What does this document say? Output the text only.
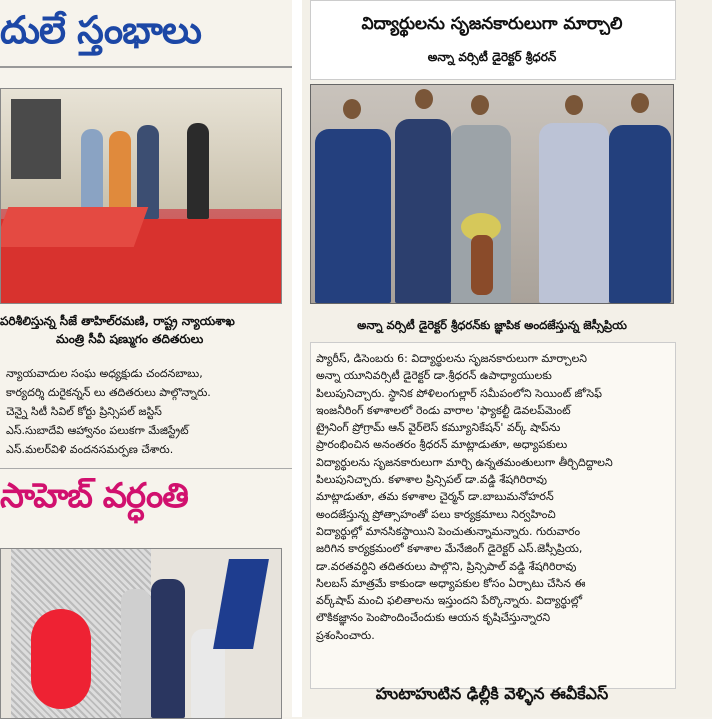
దులే స్తంభాలు
పరిశీలిస్తున్న సీజే తాహిల్‌రమణి, రాష్ట్ర న్యాయశాఖ
మంత్రి సీవీ షణ్ముగం తదితరులు

న్యాయవాదుల సంఘ అధ్యక్షుడు చందనబాబు,

కార్యదర్శి దురైకన్నన్ లు తదితరులు పాల్గొన్నారు.

చెన్నై సిటీ సివిల్ కోర్టు ప్రిన్సిపల్ జస్టిస్

ఎస్.సుబాదేవి ఆహ్వానం పలుకగా మేజిస్ట్రేట్

ఎస్.మలర్‌విళి వందనసమర్పణ చేశారు.

సాహెబ్ వర్ధంతి
విద్యార్థులను సృజనకారులుగా మార్చాలి
అన్నా వర్సిటీ డైరెక్టర్ శ్రీధరన్
అన్నా వర్సిటీ డైరెక్టర్ శ్రీధరన్‌కు జ్ఞాపిక అందజేస్తున్న జెస్సీప్రియ

ప్యారీస్, డిసెంబరు 6: విద్యార్థులను సృజనకారులుగా మార్చాలని

అన్నా యూనివర్సిటీ డైరెక్టర్ డా.శ్రీధరన్ ఉపాధ్యాయులకు

పిలుపునిచ్చారు. స్థానిక పోళిలంగుల్లార్ సమీపంలోని సెయింట్ జోసెఫ్

ఇంజనీరింగ్ కళాశాలలో రెండు వారాల 'ఫ్యాకల్టీ డెవలప్‌మెంట్

ట్రైనింగ్ ప్రోగ్రామ్ ఆన్ వైర్‌లెస్ కమ్యూనికేషన్' వర్క్ షాప్‌ను

ప్రారంభించిన అనంతరం శ్రీధరన్ మాట్లాడుతూ, అధ్యాపకులు

విద్యార్థులను సృజనకారులుగా మార్చి ఉన్నతమంతులుగా తీర్చిదిద్దాలని

పిలుపునిచ్చారు. కళాశాల ప్రిన్సిపల్ డా.వడ్డి శేషగిరిరావు

మాట్లాడుతూ, తమ కళాశాల చైర్మన్ డా.బాబుమనోహరన్

అందజేస్తున్న ప్రోత్సాహంతో పలు కార్యక్రమాలు నిర్వహించి

విద్యార్థుల్లో మానసికస్థాయిని పెంచుతున్నామన్నారు. గురువారం

జరిగిన కార్యక్రమంలో కళాశాల మేనేజింగ్ డైరెక్టర్ ఎస్.జెస్సీప్రియ,

డా.వరతవర్ధిని తదితరులు పాల్గొని, ప్రిన్సిపాల్ వడ్డి శేషగిరిరావు

సిలబస్ మాత్రమే కాకుండా అధ్యాపకుల కోసం ఏర్పాటు చేసిన ఈ

వర్క్‌షాప్ మంచి ఫలితాలను ఇస్తుందని పేర్కొన్నారు. విద్యార్థుల్లో

లౌకికజ్ఞానం పెంపొందించేందుకు ఆయన కృషిచేస్తున్నారని

ప్రశంసించారు.

హుటాహుటిన ఢిల్లీకి వెళ్ళిన ఈవీకేఎస్
